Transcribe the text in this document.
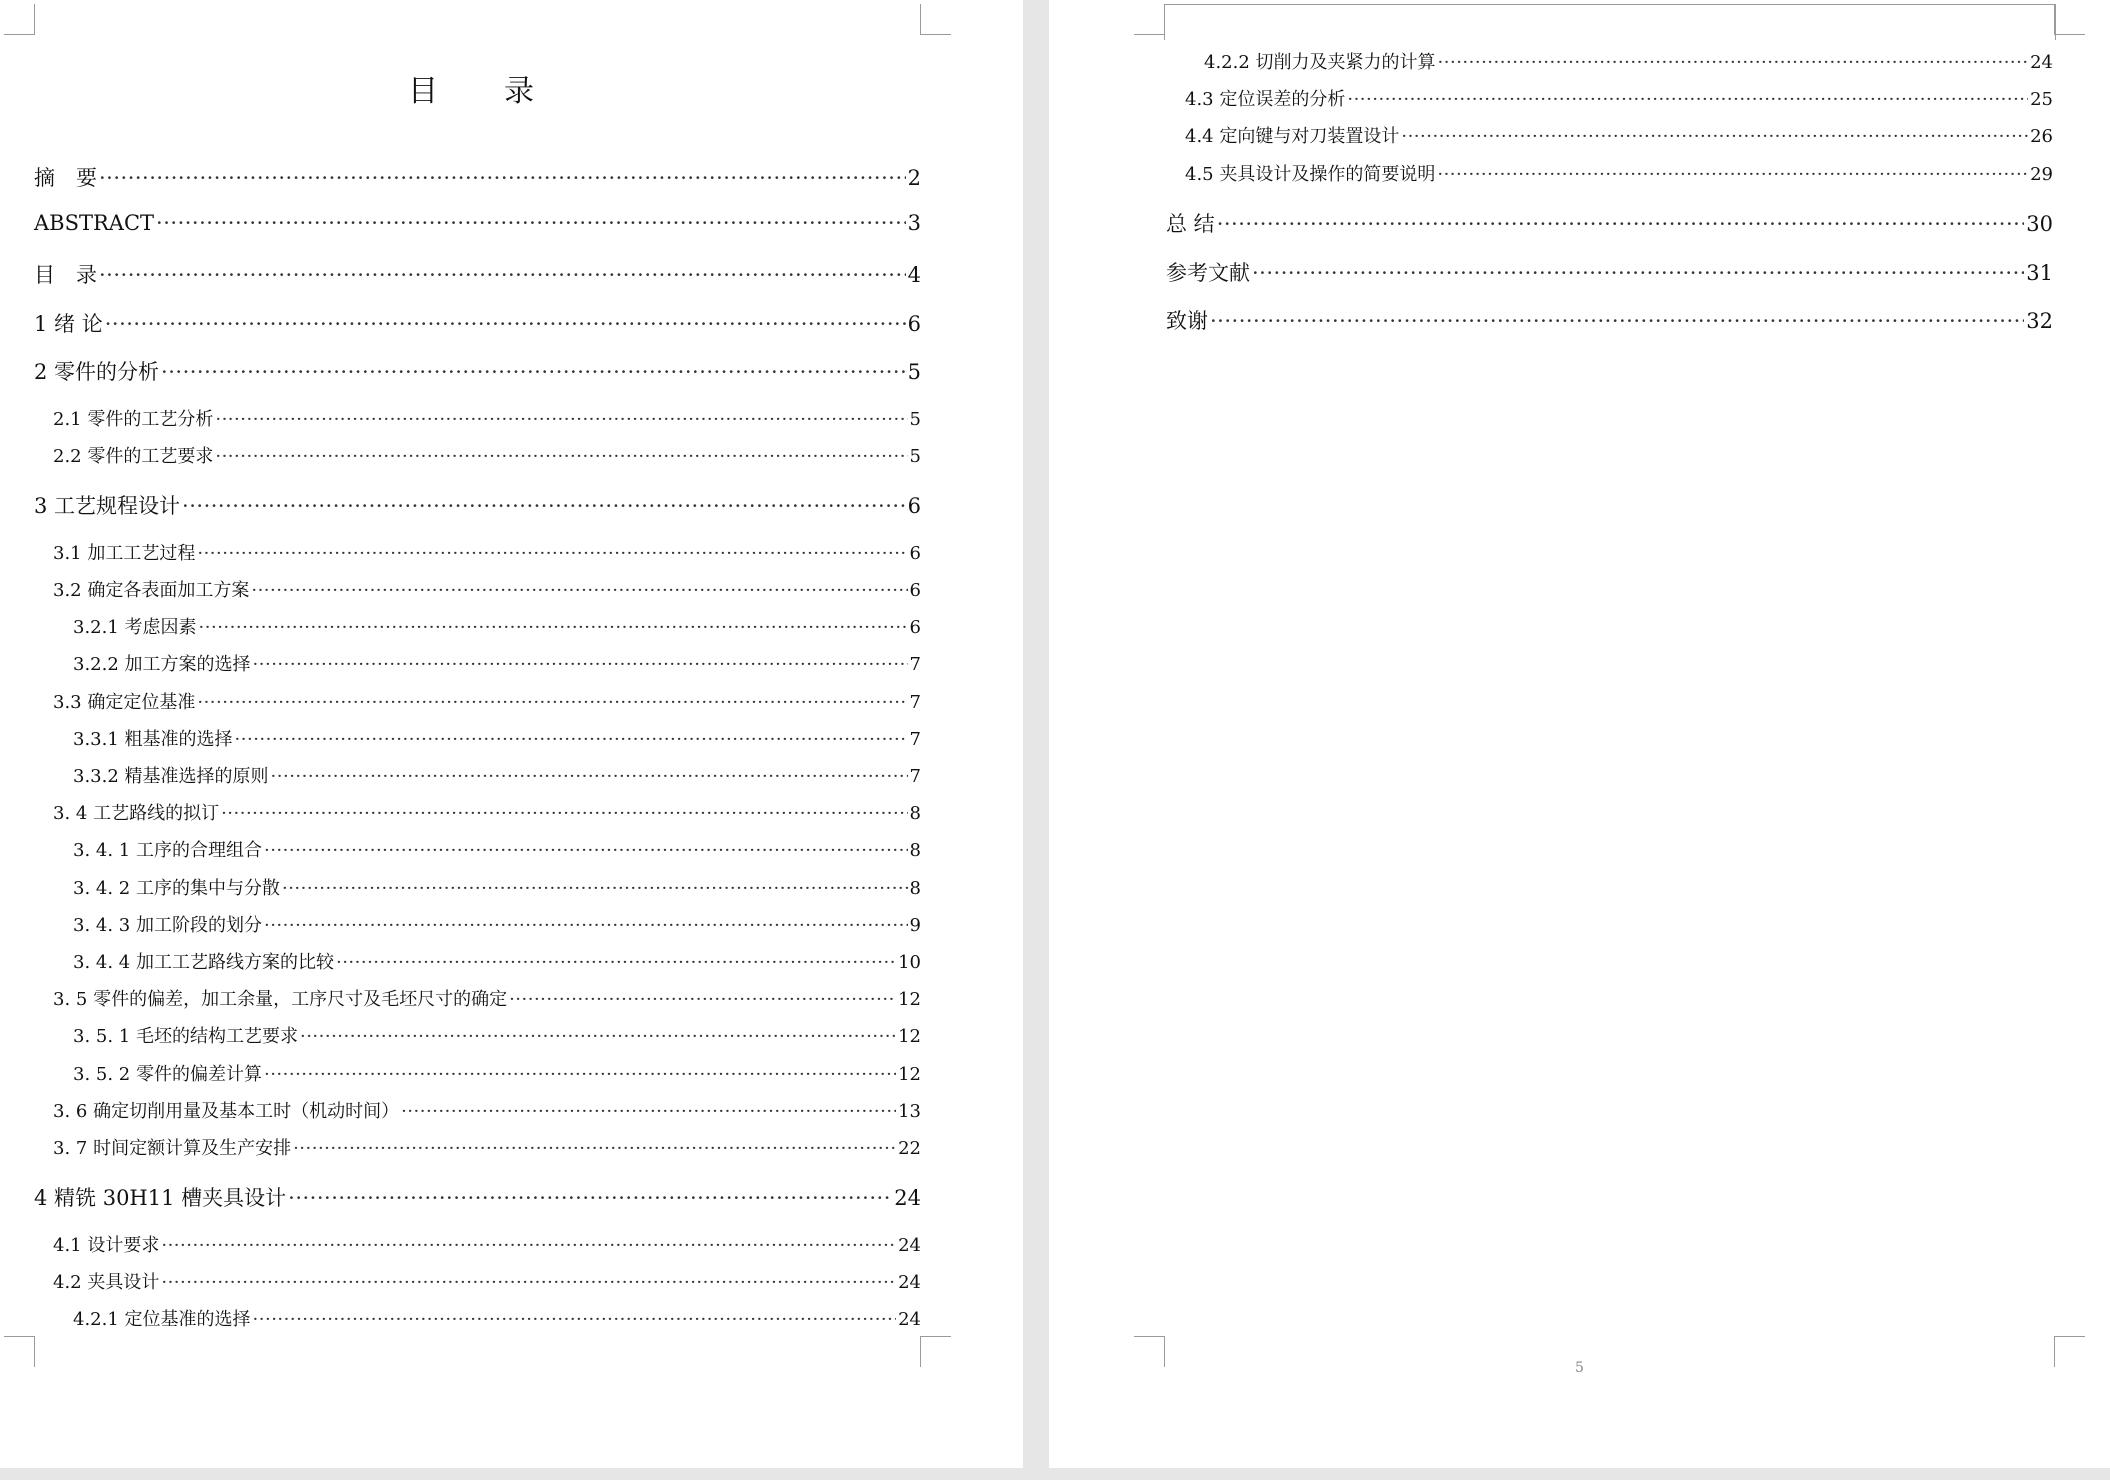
目　录
摘　要 ·····	2
ABSTRACT ·····	3
目　录 ·····	4
1 绪 论 ·····	6
2 零件的分析 ·····	5
2.1 零件的工艺分析 ·····	5
2.2 零件的工艺要求 ·····	5
3 工艺规程设计 ·····	6
3.1 加工工艺过程 ·····	6
3.2 确定各表面加工方案 ·····	6
3.2.1 考虑因素 ·····	6
3.2.2 加工方案的选择 ·····	7
3.3 确定定位基准 ·····	7
3.3.1 粗基准的选择 ·····	7
3.3.2 精基准选择的原则 ·····	7
3. 4 工艺路线的拟订 ·····	8
3. 4. 1 工序的合理组合 ·····	8
3. 4. 2 工序的集中与分散 ·····	8
3. 4. 3 加工阶段的划分 ·····	9
3. 4. 4 加工工艺路线方案的比较 ·····	10
3. 5 零件的偏差，加工余量，工序尺寸及毛坯尺寸的确定 ·····	12
3. 5. 1 毛坯的结构工艺要求 ·····	12
3. 5. 2 零件的偏差计算 ·····	12
3. 6 确定切削用量及基本工时（机动时间） ·····	13
3. 7 时间定额计算及生产安排 ·····	22
4 精铣 30H11 槽夹具设计 ·····	24
4.1 设计要求 ·····	24
4.2 夹具设计 ·····	24
4.2.1 定位基准的选择 ·····	24
4.2.2 切削力及夹紧力的计算 ·····	24
4.3 定位误差的分析 ·····	25
4.4 定向键与对刀装置设计 ·····	26
4.5 夹具设计及操作的简要说明 ·····	29
总 结 ·····	30
参考文献 ·····	31
致谢 ·····	32
5
